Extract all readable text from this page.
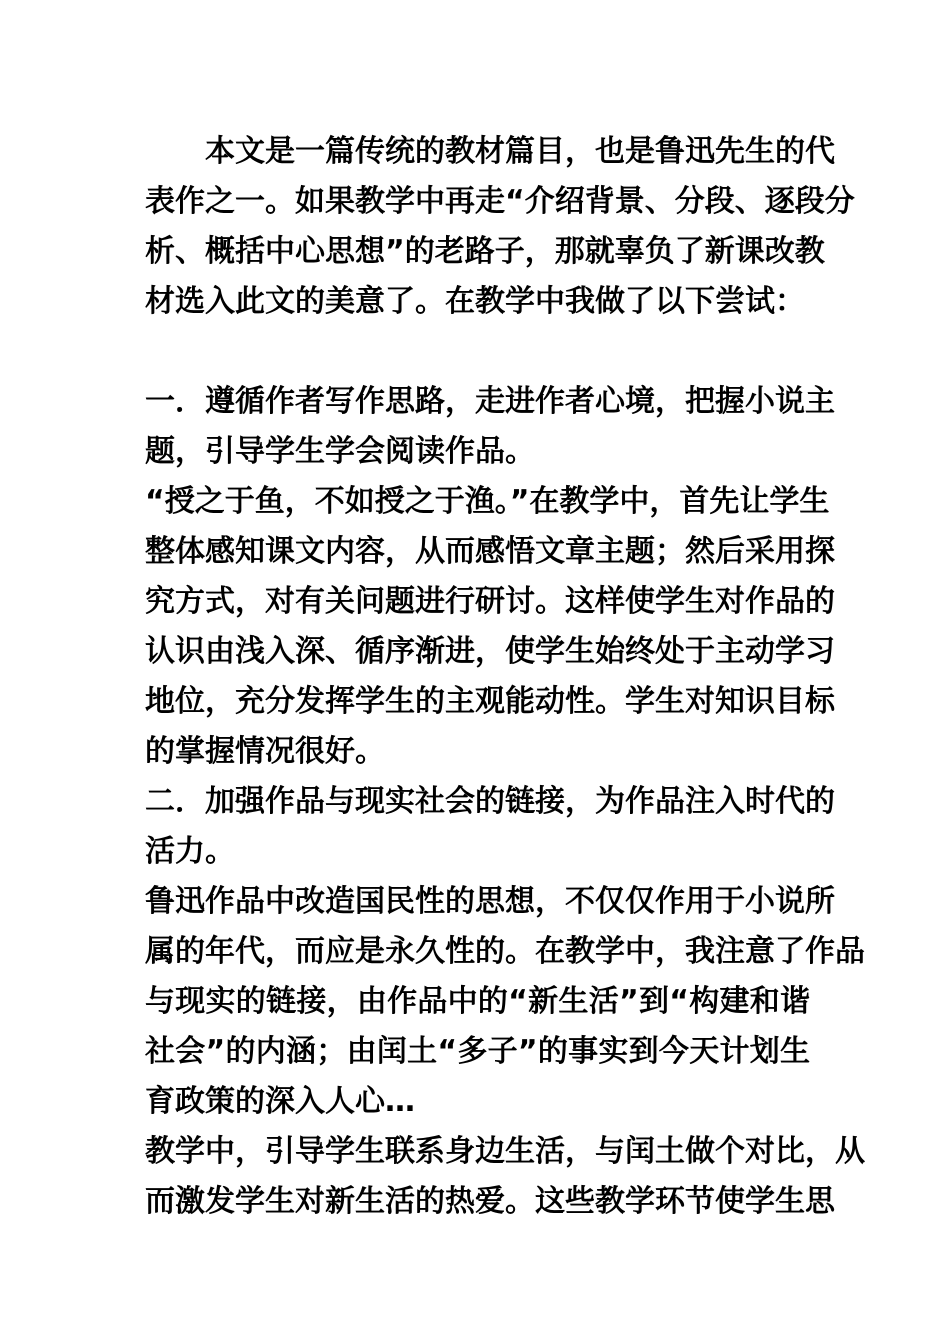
本文是一篇传统的教材篇目，也是鲁迅先生的代
表作之一。如果教学中再走“介绍背景、分段、逐段分
析、概括中心思想”的老路子，那就辜负了新课改教
材选入此文的美意了。在教学中我做了以下尝试：
一．遵循作者写作思路，走进作者心境，把握小说主
题，引导学生学会阅读作品。
“授之于鱼，不如授之于渔。”在教学中，首先让学生
整体感知课文内容，从而感悟文章主题；然后采用探
究方式，对有关问题进行研讨。这样使学生对作品的
认识由浅入深、循序渐进，使学生始终处于主动学习
地位，充分发挥学生的主观能动性。学生对知识目标
的掌握情况很好。
二．加强作品与现实社会的链接，为作品注入时代的
活力。
鲁迅作品中改造国民性的思想，不仅仅作用于小说所
属的年代，而应是永久性的。在教学中，我注意了作品
与现实的链接，由作品中的“新生活”到“构建和谐
社会”的内涵；由闰土“多子”的事实到今天计划生
育政策的深入人心…
教学中，引导学生联系身边生活，与闰土做个对比，从
而激发学生对新生活的热爱。这些教学环节使学生思
